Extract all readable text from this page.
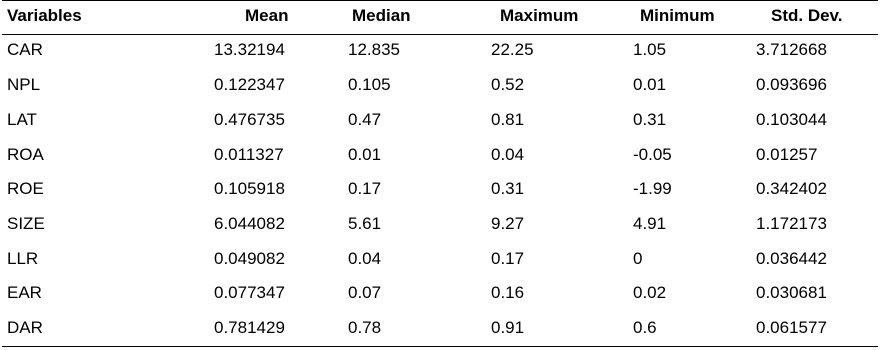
Variables	Mean	Median	Maximum	Minimum	Std. Dev.
CAR	13.32194	12.835	22.25	1.05	3.712668
NPL	0.122347	0.105	0.52	0.01	0.093696
LAT	0.476735	0.47	0.81	0.31	0.103044
ROA	0.011327	0.01	0.04	-0.05	0.01257
ROE	0.105918	0.17	0.31	-1.99	0.342402
SIZE	6.044082	5.61	9.27	4.91	1.172173
LLR	0.049082	0.04	0.17	0	0.036442
EAR	0.077347	0.07	0.16	0.02	0.030681
DAR	0.781429	0.78	0.91	0.6	0.061577
